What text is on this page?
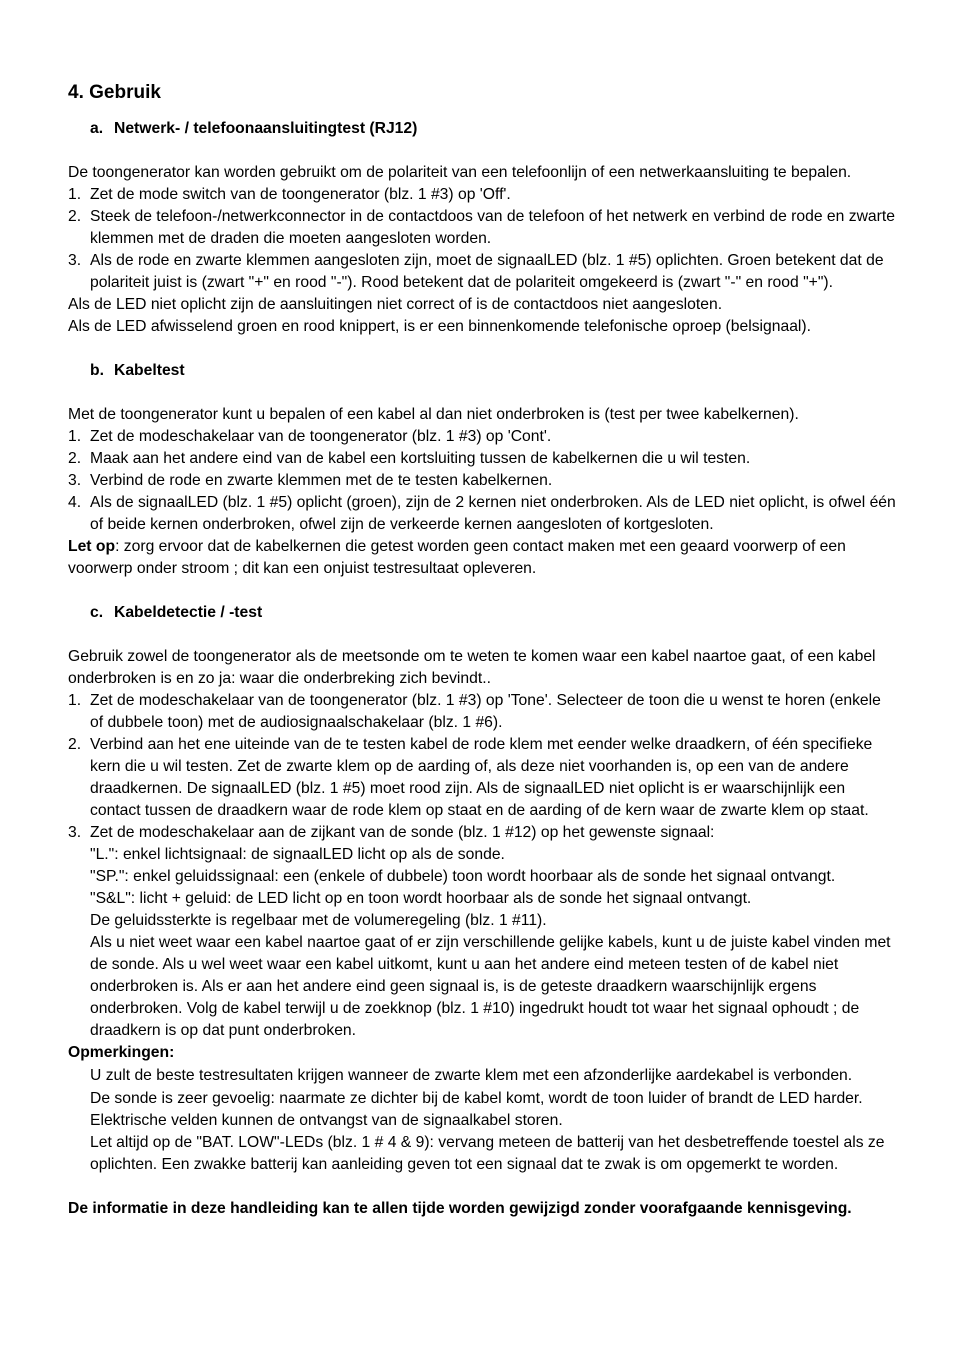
4. Gebruik
a. Netwerk- / telefoonaansluitingtest (RJ12)

De toongenerator kan worden gebruikt om de polariteit van een telefoonlijn of een netwerkaansluiting te bepalen.

1. Zet de mode switch van de toongenerator (blz. 1 #3) op 'Off'.
2. Steek de telefoon-/netwerkconnector in de contactdoos van de telefoon of het netwerk en verbind de rode en zwarte klemmen met de draden die moeten aangesloten worden.
3. Als de rode en zwarte klemmen aangesloten zijn, moet de signaalLED (blz. 1 #5) oplichten. Groen betekent dat de polariteit juist is (zwart "+" en rood "-"). Rood betekent dat de polariteit omgekeerd is (zwart "-" en rood "+").

Als de LED niet oplicht zijn de aansluitingen niet correct of is de contactdoos niet aangesloten.

Als de LED afwisselend groen en rood knippert, is er een binnenkomende telefonische oproep (belsignaal).

b. Kabeltest

Met de toongenerator kunt u bepalen of een kabel al dan niet onderbroken is (test per twee kabelkernen).

1. Zet de modeschakelaar van de toongenerator (blz. 1 #3) op 'Cont'.
2. Maak aan het andere eind van de kabel een kortsluiting tussen de kabelkernen die u wil testen.
3. Verbind de rode en zwarte klemmen met de te testen kabelkernen.
4. Als de signaalLED (blz. 1 #5) oplicht (groen), zijn de 2 kernen niet onderbroken. Als de LED niet oplicht, is ofwel één of beide kernen onderbroken, ofwel zijn de verkeerde kernen aangesloten of kortgesloten.

Let op: zorg ervoor dat de kabelkernen die getest worden geen contact maken met een geaard voorwerp of een voorwerp onder stroom ; dit kan een onjuist testresultaat opleveren.

c. Kabeldetectie / -test

Gebruik zowel de toongenerator als de meetsonde om te weten te komen waar een kabel naartoe gaat, of een kabel onderbroken is en zo ja: waar die onderbreking zich bevindt..

1. Zet de modeschakelaar van de toongenerator (blz. 1 #3) op 'Tone'. Selecteer de toon die u wenst te horen (enkele of dubbele toon) met de audiosignaalschakelaar (blz. 1 #6).
2. Verbind aan het ene uiteinde van de te testen kabel de rode klem met eender welke draadkern, of één specifieke kern die u wil testen. Zet de zwarte klem op de aarding of, als deze niet voorhanden is, op een van de andere draadkernen. De signaalLED (blz. 1 #5) moet rood zijn. Als de signaalLED niet oplicht is er waarschijnlijk een contact tussen de draadkern waar de rode klem op staat en de aarding of de kern waar de zwarte klem op staat.
3. Zet de modeschakelaar aan de zijkant van de sonde (blz. 1 #12) op het gewenste signaal:
"L.": enkel lichtsignaal: de signaalLED licht op als de sonde.
"SP.": enkel geluidssignaal: een (enkele of dubbele) toon wordt hoorbaar als de sonde het signaal ontvangt.
"S&L": licht + geluid: de LED licht op en toon wordt hoorbaar als de sonde het signaal ontvangt.
De geluidssterkte is regelbaar met de volumeregeling (blz. 1 #11).
Als u niet weet waar een kabel naartoe gaat of er zijn verschillende gelijke kabels, kunt u de juiste kabel vinden met de sonde. Als u wel weet waar een kabel uitkomt, kunt u aan het andere eind meteen testen of de kabel niet onderbroken is. Als er aan het andere eind geen signaal is, is de geteste draadkern waarschijnlijk ergens onderbroken. Volg de kabel terwijl u de zoekknop (blz. 1 #10) ingedrukt houdt tot waar het signaal ophoudt ; de draadkern is op dat punt onderbroken.

Opmerkingen:

U zult de beste testresultaten krijgen wanneer de zwarte klem met een afzonderlijke aardekabel is verbonden.
De sonde is zeer gevoelig: naarmate ze dichter bij de kabel komt, wordt de toon luider of brandt de LED harder.
Elektrische velden kunnen de ontvangst van de signaalkabel storen.
Let altijd op de "BAT. LOW"-LEDs (blz. 1 # 4 & 9): vervang meteen de batterij van het desbetreffende toestel als ze oplichten. Een zwakke batterij kan aanleiding geven tot een signaal dat te zwak is om opgemerkt te worden.

De informatie in deze handleiding kan te allen tijde worden gewijzigd zonder voorafgaande kennisgeving.
